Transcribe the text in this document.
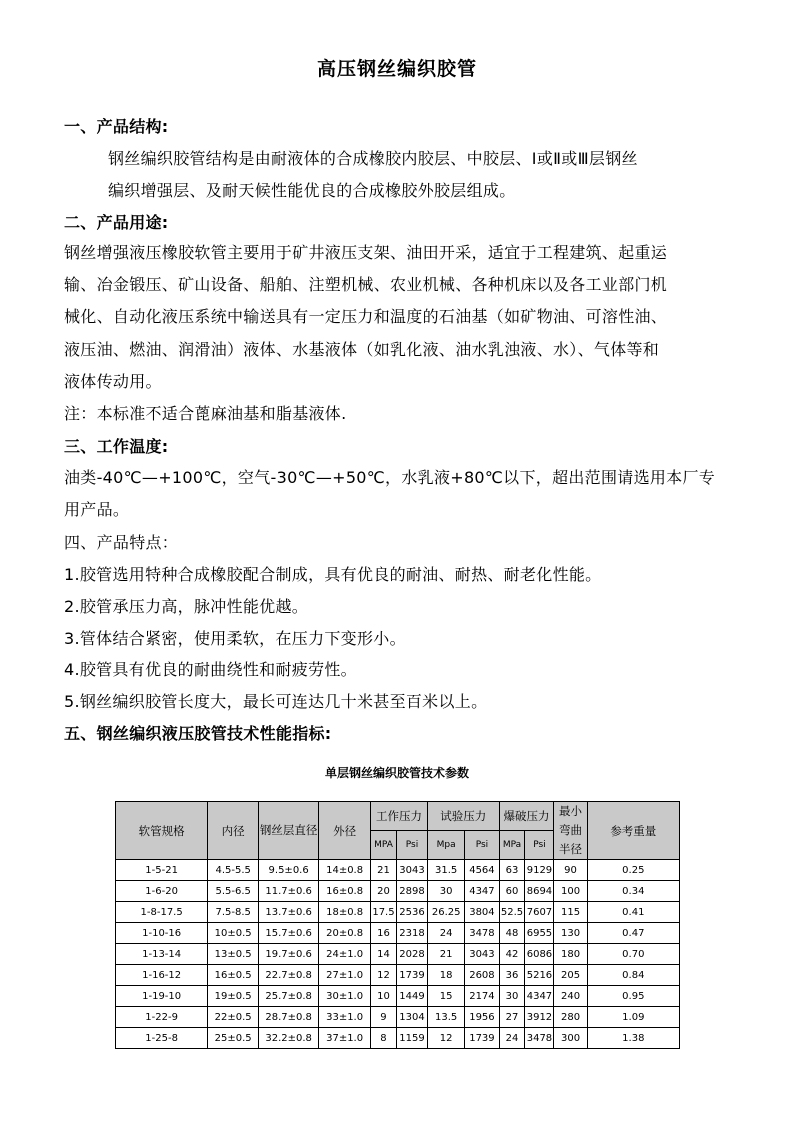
高压钢丝编织胶管
一、产品结构:
钢丝编织胶管结构是由耐液体的合成橡胶内胶层、中胶层、Ⅰ或Ⅱ或Ⅲ层钢丝
编织增强层、及耐天候性能优良的合成橡胶外胶层组成。
二、产品用途:
钢丝增强液压橡胶软管主要用于矿井液压支架、油田开采，适宜于工程建筑、起重运
输、冶金锻压、矿山设备、船舶、注塑机械、农业机械、各种机床以及各工业部门机
械化、自动化液压系统中输送具有一定压力和温度的石油基（如矿物油、可溶性油、
液压油、燃油、润滑油）液体、水基液体（如乳化液、油水乳浊液、水）、气体等和
液体传动用。
注：本标准不适合蓖麻油基和脂基液体.
三、工作温度:
油类-40℃—+100℃，空气-30℃—+50℃，水乳液+80℃以下，超出范围请选用本厂专
用产品。
四、产品特点：
1.胶管选用特种合成橡胶配合制成，具有优良的耐油、耐热、耐老化性能。
2.胶管承压力高，脉冲性能优越。
3.管体结合紧密，使用柔软，在压力下变形小。
4.胶管具有优良的耐曲绕性和耐疲劳性。
5.钢丝编织胶管长度大，最长可连达几十米甚至百米以上。
五、钢丝编织液压胶管技术性能指标:
单层钢丝编织胶管技术参数
软管规格	内径	钢丝层直径	外径	工作压力		试验压力		爆破压力		最小弯曲半径	参考重量
				MPA	Psi	Mpa	Psi	MPa	Psi		
1-5-21	4.5-5.5	9.5±0.6	14±0.8	21	3043	31.5	4564	63	9129	90	0.25
1-6-20	5.5-6.5	11.7±0.6	16±0.8	20	2898	30	4347	60	8694	100	0.34
1-8-17.5	7.5-8.5	13.7±0.6	18±0.8	17.5	2536	26.25	3804	52.5	7607	115	0.41
1-10-16	10±0.5	15.7±0.6	20±0.8	16	2318	24	3478	48	6955	130	0.47
1-13-14	13±0.5	19.7±0.6	24±1.0	14	2028	21	3043	42	6086	180	0.70
1-16-12	16±0.5	22.7±0.8	27±1.0	12	1739	18	2608	36	5216	205	0.84
1-19-10	19±0.5	25.7±0.8	30±1.0	10	1449	15	2174	30	4347	240	0.95
1-22-9	22±0.5	28.7±0.8	33±1.0	9	1304	13.5	1956	27	3912	280	1.09
1-25-8	25±0.5	32.2±0.8	37±1.0	8	1159	12	1739	24	3478	300	1.38
